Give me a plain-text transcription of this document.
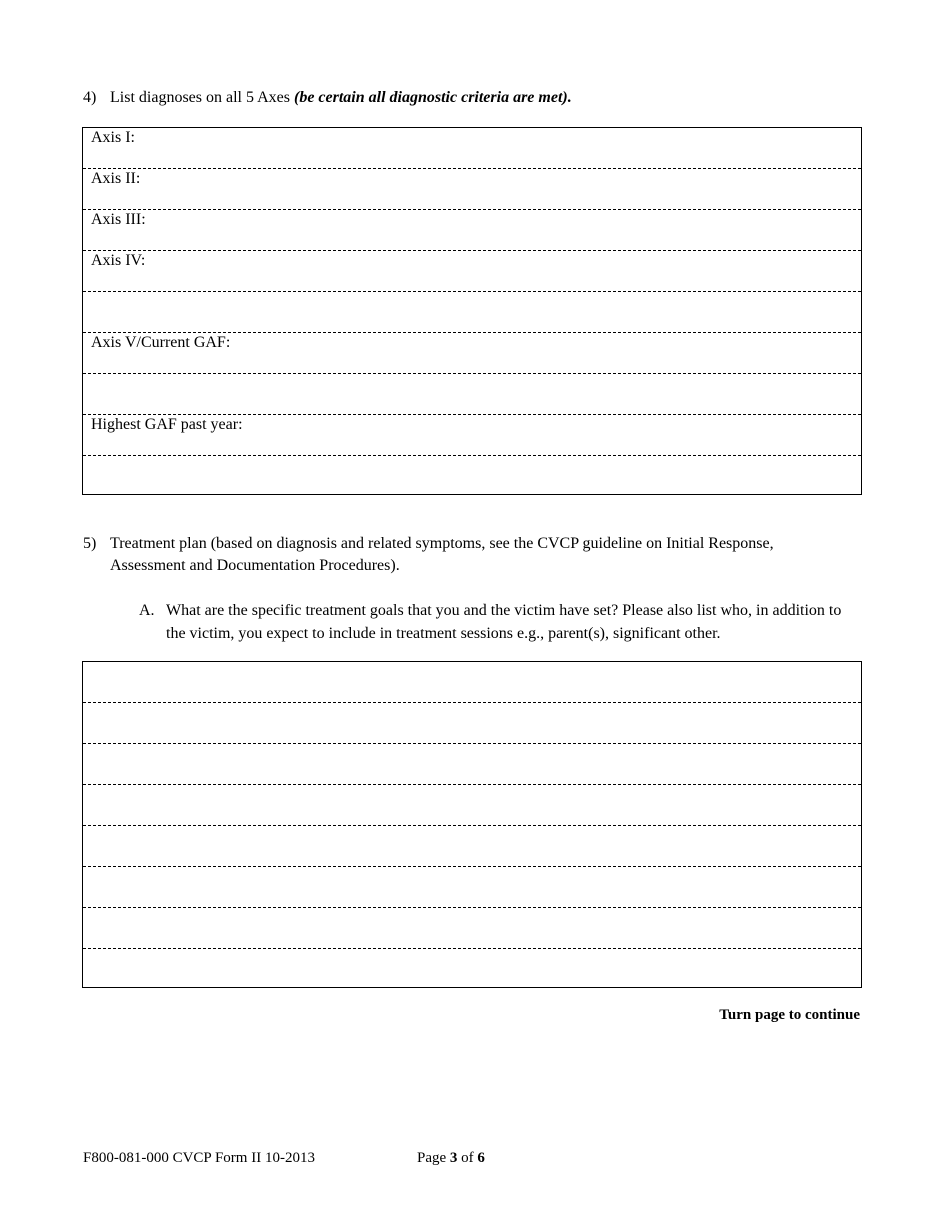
4) List diagnoses on all 5 Axes (be certain all diagnostic criteria are met).
Axis I:
Axis II:
Axis III:
Axis IV:
Axis V/Current GAF:
Highest GAF past year:
5) Treatment plan (based on diagnosis and related symptoms, see the CVCP guideline on Initial Response, Assessment and Documentation Procedures).
A. What are the specific treatment goals that you and the victim have set? Please also list who, in addition to the victim, you expect to include in treatment sessions e.g., parent(s), significant other.
Turn page to continue
F800-081-000 CVCP Form II 10-2013	Page 3 of 6
